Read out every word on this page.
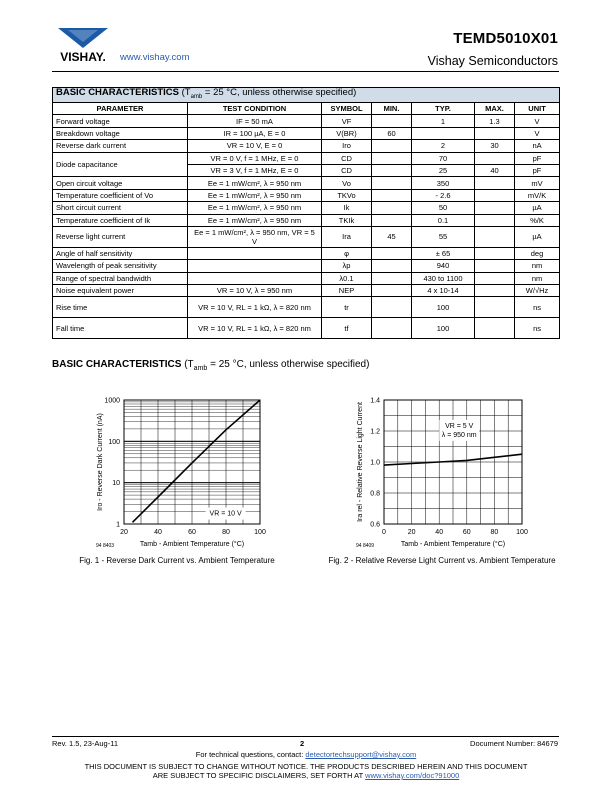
VISHAY. www.vishay.com
TEMD5010X01
Vishay Semiconductors
BASIC CHARACTERISTICS ($T_{amb} = 25$ °C, unless otherwise specified)						
PARAMETER	TEST CONDITION	SYMBOL	MIN.	TYP.	MAX.	UNIT
Forward voltage	IF = 50 mA	VF		1	1.3	V
Breakdown voltage	IR = 100 µA, E = 0	V(BR)	60			V
Reverse dark current	VR = 10 V, E = 0	Iro		2	30	nA
Diode capacitance	VR = 0 V, f = 1 MHz, E = 0	CD		70		pF
	VR = 3 V, f = 1 MHz, E = 0	CD		25	40	pF
Open circuit voltage	Ee = 1 mW/cm², λ = 950 nm	Vo		350		mV
Temperature coefficient of Vo	Ee = 1 mW/cm², λ = 950 nm	TKVo		- 2.6		mV/K
Short circuit current	Ee = 1 mW/cm², λ = 950 nm	Ik		50		µA
Temperature coefficient of Ik	Ee = 1 mW/cm², λ = 950 nm	TKIk		0.1		%/K
Reverse light current	Ee = 1 mW/cm², λ = 950 nm, VR = 5 V	Ira	45	55		µA
Angle of half sensitivity		φ		± 65		deg
Wavelength of peak sensitivity		λp		940		nm
Range of spectral bandwidth		λ0.1		430 to 1100		nm
Noise equivalent power	VR = 10 V, λ = 950 nm	NEP		4 x 10-14		W/√Hz
Rise time	VR = 10 V, RL = 1 kΩ, λ = 820 nm	tr		100		ns
Fall time	VR = 10 V, RL = 1 kΩ, λ = 820 nm	tf		100		ns
BASIC CHARACTERISTICS ($T_{amb} = 25$ °C, unless otherwise specified)
20	40	60	80	100
1
10
100
1000
Tamb - Ambient Temperature (°C)
Iro - Reverse Dark Current (nA)
94 8403
VR = 10 V
Fig. 1 - Reverse Dark Current vs. Ambient Temperature
0	20	40	60	80	100
0.6
0.8
1.0
1.2
1.4
Tamb - Ambient Temperature (°C)
Ira rel - Relative Reverse Light Current
94 8409
VR = 5 V
λ = 950 nm
Fig. 2 - Relative Reverse Light Current vs. Ambient Temperature
Rev. 1.5, 23-Aug-11	2	Document Number: 84679
For technical questions, contact: detectortechsupport@vishay.com
THIS DOCUMENT IS SUBJECT TO CHANGE WITHOUT NOTICE. THE PRODUCTS DESCRIBED HEREIN AND THIS DOCUMENT
ARE SUBJECT TO SPECIFIC DISCLAIMERS, SET FORTH AT www.vishay.com/doc?91000
